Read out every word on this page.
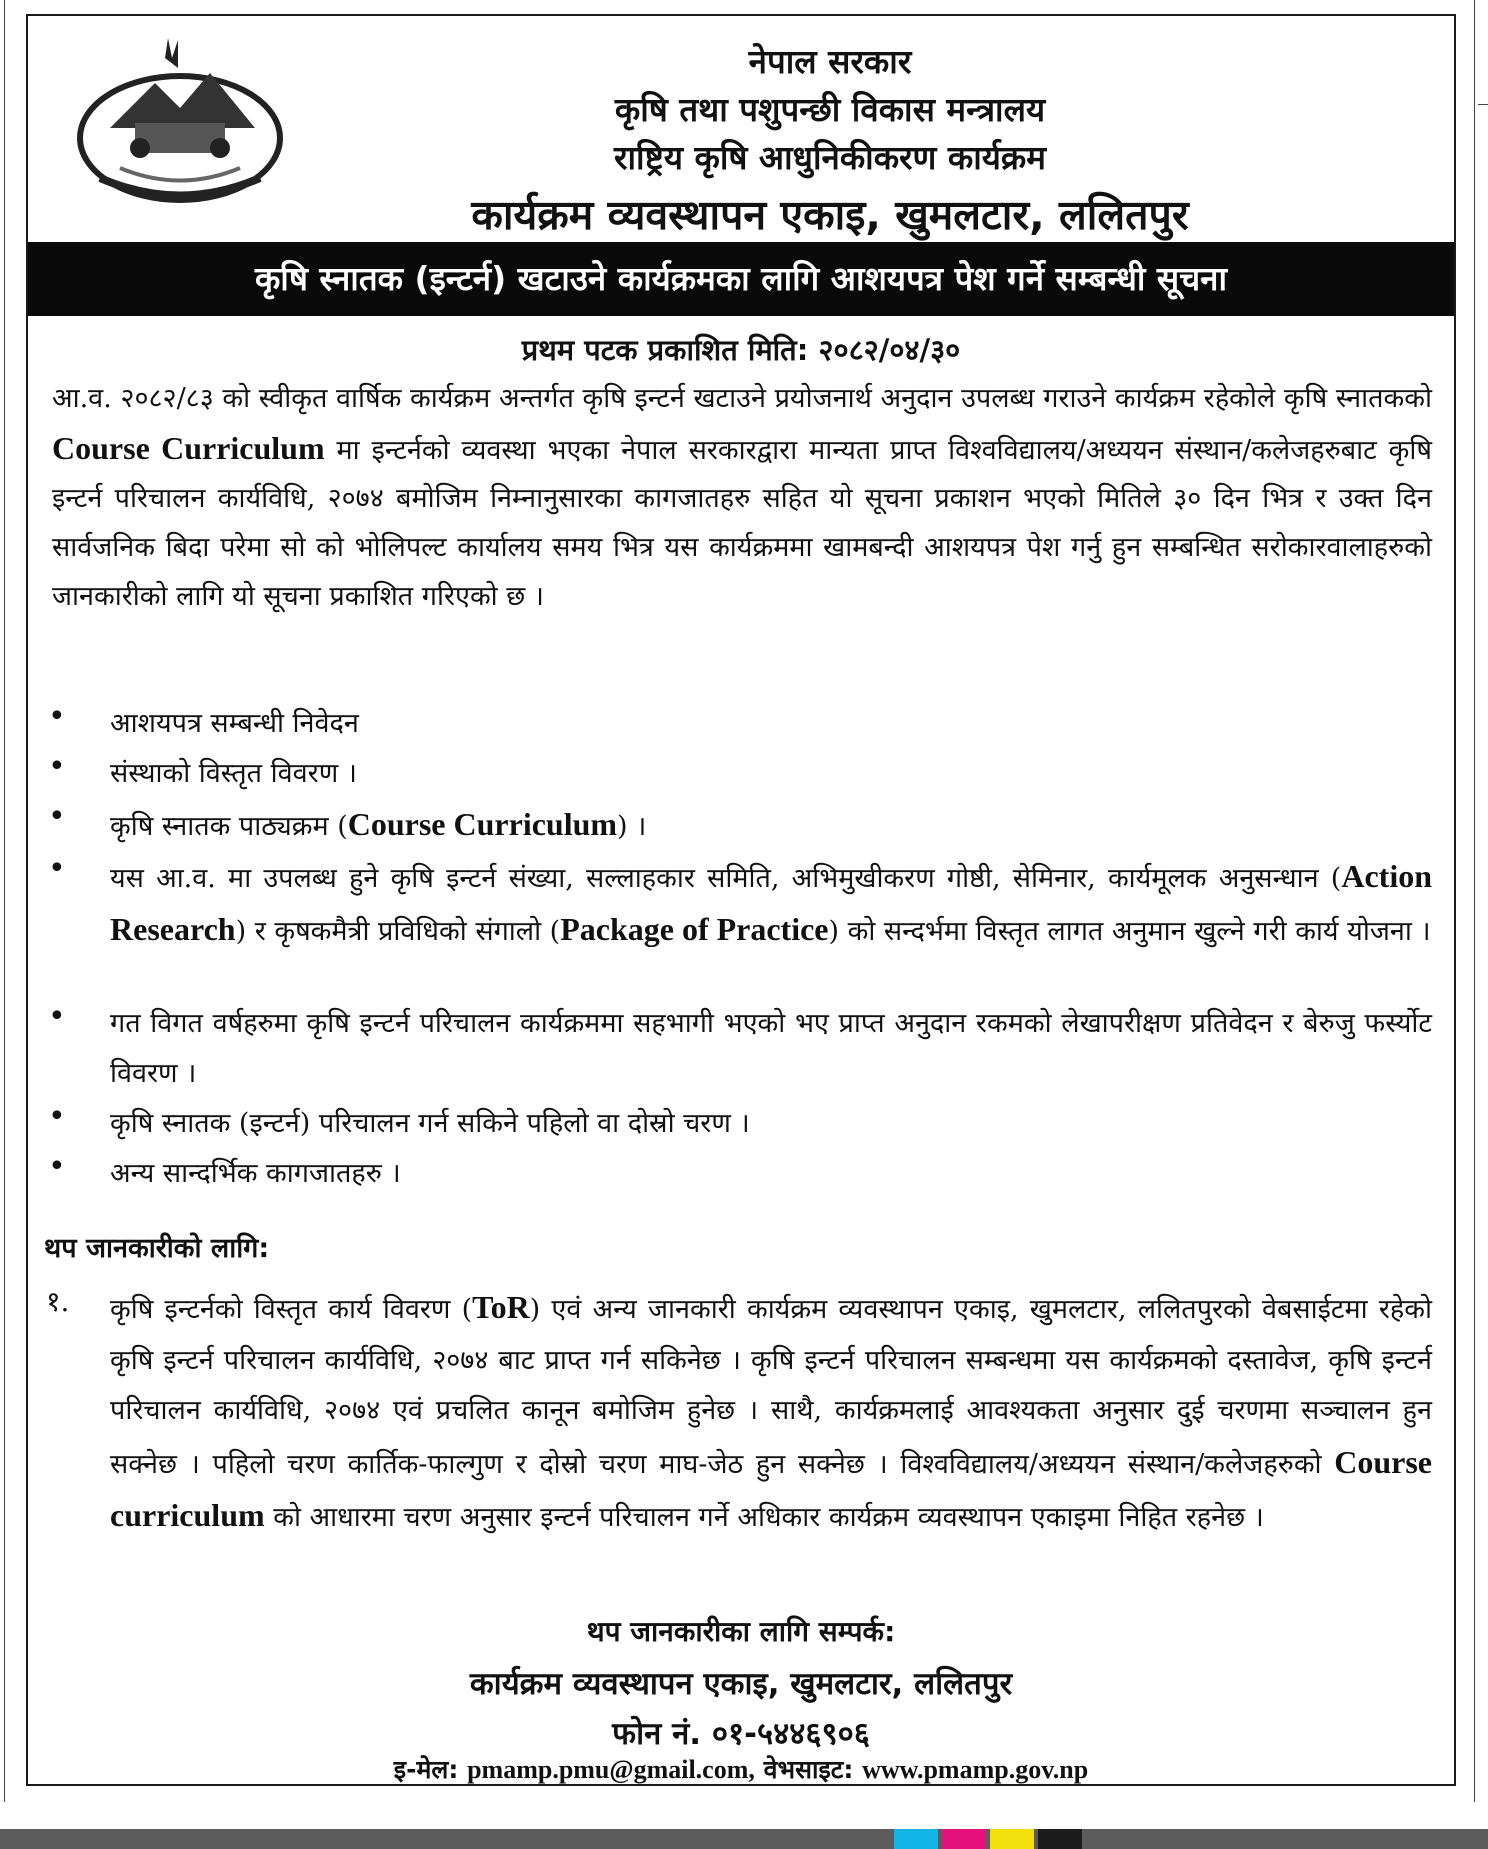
नेपाल सरकार
कृषि तथा पशुपन्छी विकास मन्त्रालय
राष्ट्रिय कृषि आधुनिकीकरण कार्यक्रम
कार्यक्रम व्यवस्थापन एकाइ, खुमलटार, ललितपुर
कृषि स्नातक (इन्टर्न) खटाउने कार्यक्रमका लागि आशयपत्र पेश गर्ने सम्बन्धी सूचना
प्रथम पटक प्रकाशित मिति: २०८२/०४/३०
आ.व. २०८२/८३ को स्वीकृत वार्षिक कार्यक्रम अन्तर्गत कृषि इन्टर्न खटाउने प्रयोजनार्थ अनुदान उपलब्ध गराउने कार्यक्रम रहेकोले कृषि स्नातकको Course Curriculum मा इन्टर्नको व्यवस्था भएका नेपाल सरकारद्वारा मान्यता प्राप्त विश्वविद्यालय/अध्ययन संस्थान/कलेजहरुबाट कृषि इन्टर्न परिचालन कार्यविधि, २०७४ बमोजिम निम्नानुसारका कागजातहरु सहित यो सूचना प्रकाशन भएको मितिले ३० दिन भित्र र उक्त दिन सार्वजनिक बिदा परेमा सो को भोलिपल्ट कार्यालय समय भित्र यस कार्यक्रममा खामबन्दी आशयपत्र पेश गर्नु हुन सम्बन्धित सरोकारवालाहरुको जानकारीको लागि यो सूचना प्रकाशित गरिएको छ ।
• आशयपत्र सम्बन्धी निवेदन
• संस्थाको विस्तृत विवरण ।
• कृषि स्नातक पाठ्यक्रम (Course Curriculum) ।
• यस आ.व. मा उपलब्ध हुने कृषि इन्टर्न संख्या, सल्लाहकार समिति, अभिमुखीकरण गोष्ठी, सेमिनार, कार्यमूलक अनुसन्धान (Action Research) र कृषकमैत्री प्रविधिको संगालो (Package of Practice) को सन्दर्भमा विस्तृत लागत अनुमान खुल्ने गरी कार्य योजना ।
• गत विगत वर्षहरुमा कृषि इन्टर्न परिचालन कार्यक्रममा सहभागी भएको भए प्राप्त अनुदान रकमको लेखापरीक्षण प्रतिवेदन र बेरुजु फर्स्योट विवरण ।
• कृषि स्नातक (इन्टर्न) परिचालन गर्न सकिने पहिलो वा दोस्रो चरण ।
• अन्य सान्दर्भिक कागजातहरु ।
थप जानकारीको लागि:
१. कृषि इन्टर्नको विस्तृत कार्य विवरण (ToR) एवं अन्य जानकारी कार्यक्रम व्यवस्थापन एकाइ, खुमलटार, ललितपुरको वेबसाईटमा रहेको कृषि इन्टर्न परिचालन कार्यविधि, २०७४ बाट प्राप्त गर्न सकिनेछ । कृषि इन्टर्न परिचालन सम्बन्धमा यस कार्यक्रमको दस्तावेज, कृषि इन्टर्न परिचालन कार्यविधि, २०७४ एवं प्रचलित कानून बमोजिम हुनेछ । साथै, कार्यक्रमलाई आवश्यकता अनुसार दुई चरणमा सञ्चालन हुन सक्नेछ । पहिलो चरण कार्तिक-फाल्गुण र दोस्रो चरण माघ-जेठ हुन सक्नेछ । विश्वविद्यालय/अध्ययन संस्थान/कलेजहरुको Course curriculum को आधारमा चरण अनुसार इन्टर्न परिचालन गर्ने अधिकार कार्यक्रम व्यवस्थापन एकाइमा निहित रहनेछ ।
थप जानकारीका लागि सम्पर्क:
कार्यक्रम व्यवस्थापन एकाइ, खुमलटार, ललितपुर
फोन नं. ०१-५४४६९०६
इ-मेल: pmamp.pmu@gmail.com, वेभसाइट: www.pmamp.gov.np
